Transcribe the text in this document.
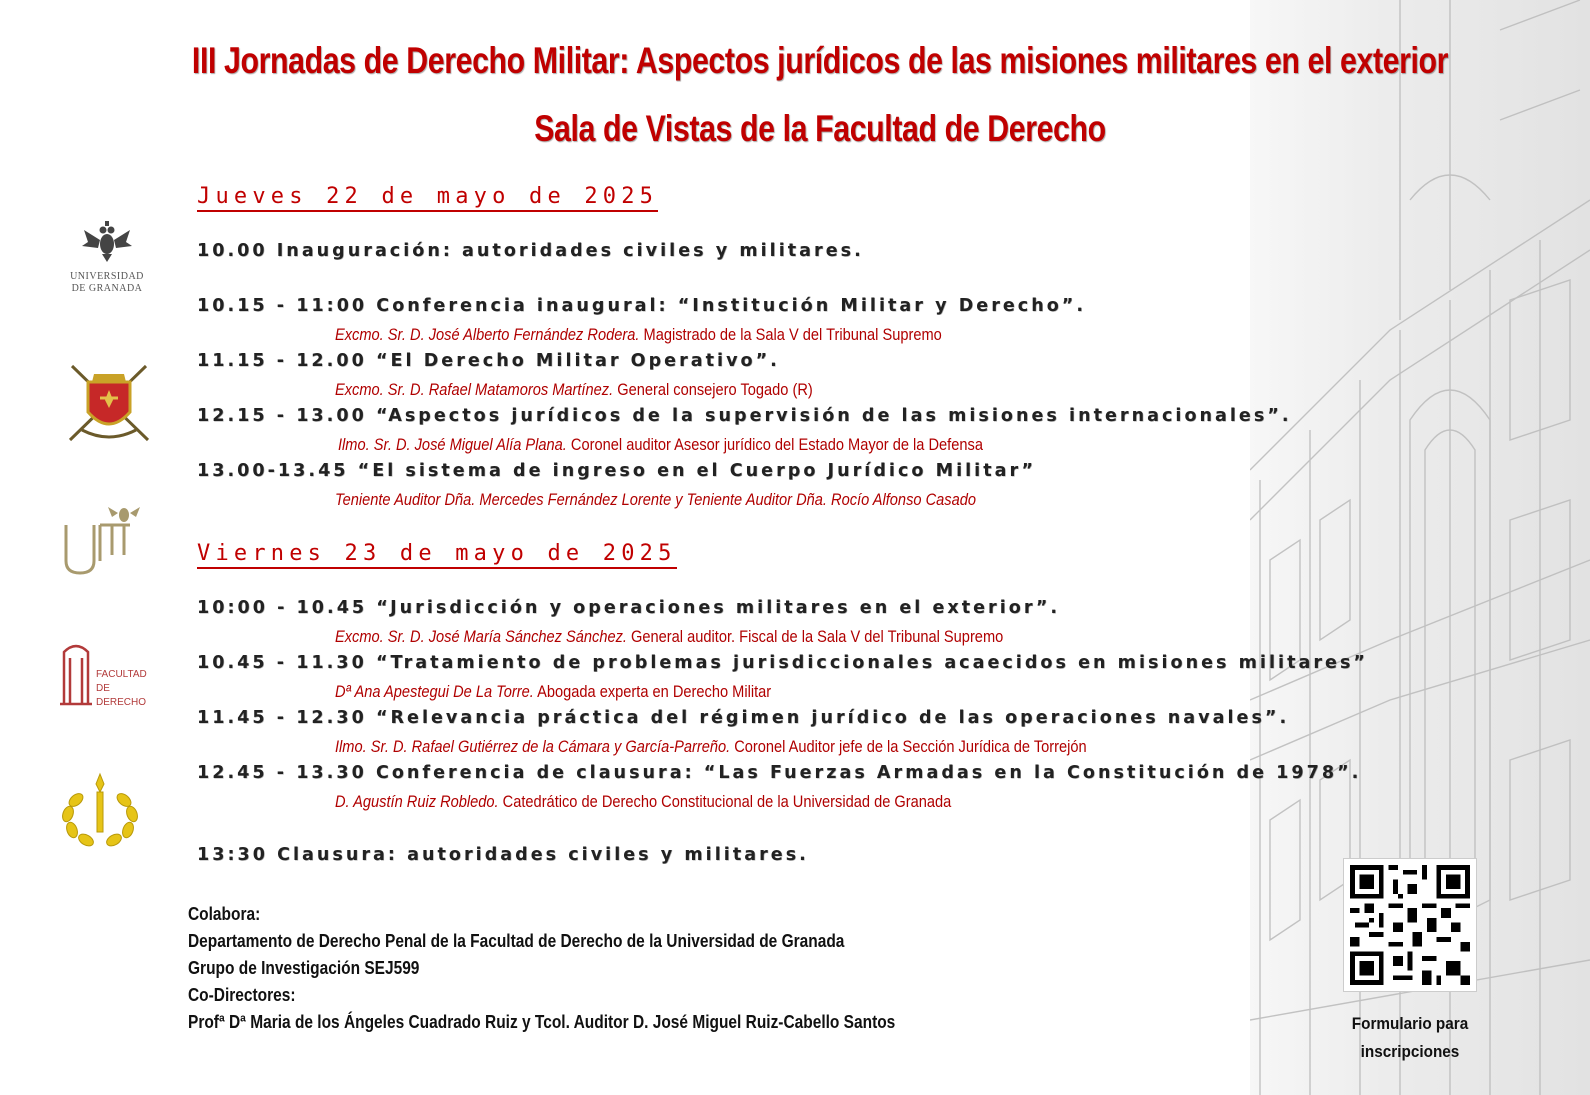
III Jornadas de Derecho Militar: Aspectos jurídicos de las misiones militares en el exterior
Sala de Vistas de la Facultad de Derecho
UNIVERSIDAD
DE GRANADA
FACULTAD
DE DERECHO
Jueves 22 de mayo de 2025
10.00 Inauguración: autoridades civiles y militares.
10.15 - 11:00 Conferencia inaugural: “Institución Militar y Derecho”.
Excmo. Sr. D. José Alberto Fernández Rodera. Magistrado de la Sala V del Tribunal Supremo
11.15 - 12.00 “El Derecho Militar Operativo”.
Excmo. Sr. D. Rafael Matamoros Martínez. General consejero Togado (R)
12.15 - 13.00 “Aspectos jurídicos de la supervisión de las misiones internacionales”.
Ilmo. Sr. D. José Miguel Alía Plana. Coronel auditor Asesor jurídico del Estado Mayor de la Defensa
13.00-13.45 “El sistema de ingreso en el Cuerpo Jurídico Militar”
Teniente Auditor Dña. Mercedes Fernández Lorente y Teniente Auditor Dña. Rocío Alfonso Casado
Viernes 23 de mayo de 2025
10:00 - 10.45 “Jurisdicción y operaciones militares en el exterior”.
Excmo. Sr. D. José María Sánchez Sánchez. General auditor. Fiscal de la Sala V del Tribunal Supremo
10.45 - 11.30 “Tratamiento de problemas jurisdiccionales acaecidos en misiones militares”
Dª Ana Apestegui De La Torre. Abogada experta en Derecho Militar
11.45 - 12.30 “Relevancia práctica del régimen jurídico de las operaciones navales”.
Ilmo. Sr. D. Rafael Gutiérrez de la Cámara y García-Parreño. Coronel Auditor jefe de la Sección Jurídica de Torrejón
12.45 - 13.30 Conferencia de clausura: “Las Fuerzas Armadas en la Constitución de 1978”.
D. Agustín Ruiz Robledo. Catedrático de Derecho Constitucional de la Universidad de Granada
13:30 Clausura: autoridades civiles y militares.
Colabora:
Departamento de Derecho Penal de la Facultad de Derecho de la Universidad de Granada
Grupo de Investigación SEJ599
Co-Directores:
Profª Dª Maria de los Ángeles Cuadrado Ruiz y Tcol. Auditor D. José Miguel Ruiz-Cabello Santos	Formulario para
inscripciones
